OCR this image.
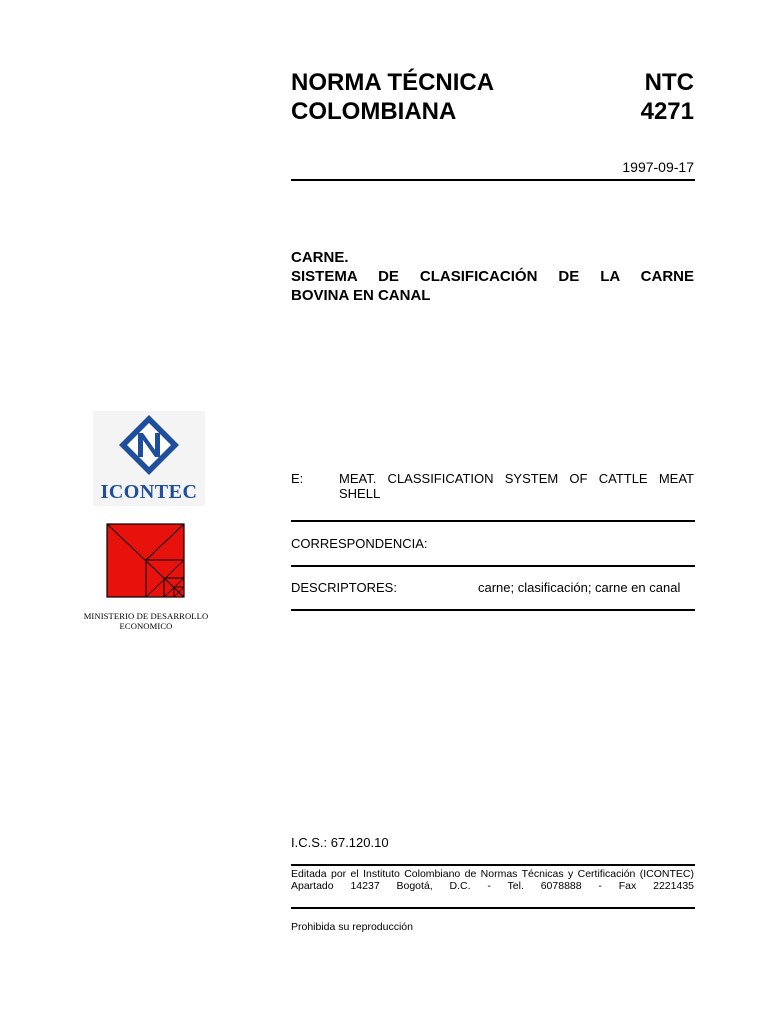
ICONTEC
MINISTERIO DE DESARROLLO ECONOMICO
NORMA TÉCNICA
COLOMBIANA
NTC
4271
1997-09-17
CARNE.
SISTEMA DE CLASIFICACIÓN DE LA CARNE
BOVINA EN CANAL
E:	MEAT. CLASSIFICATION SYSTEM OF CATTLE MEAT
SHELL
CORRESPONDENCIA:
DESCRIPTORES:	carne; clasificación; carne en canal
I.C.S.: 67.120.10
Editada por el Instituto Colombiano de Normas Técnicas y Certificación (ICONTEC)
Apartado 14237 Bogotá, D.C. - Tel. 6078888 - Fax 2221435
Prohibida su reproducción
